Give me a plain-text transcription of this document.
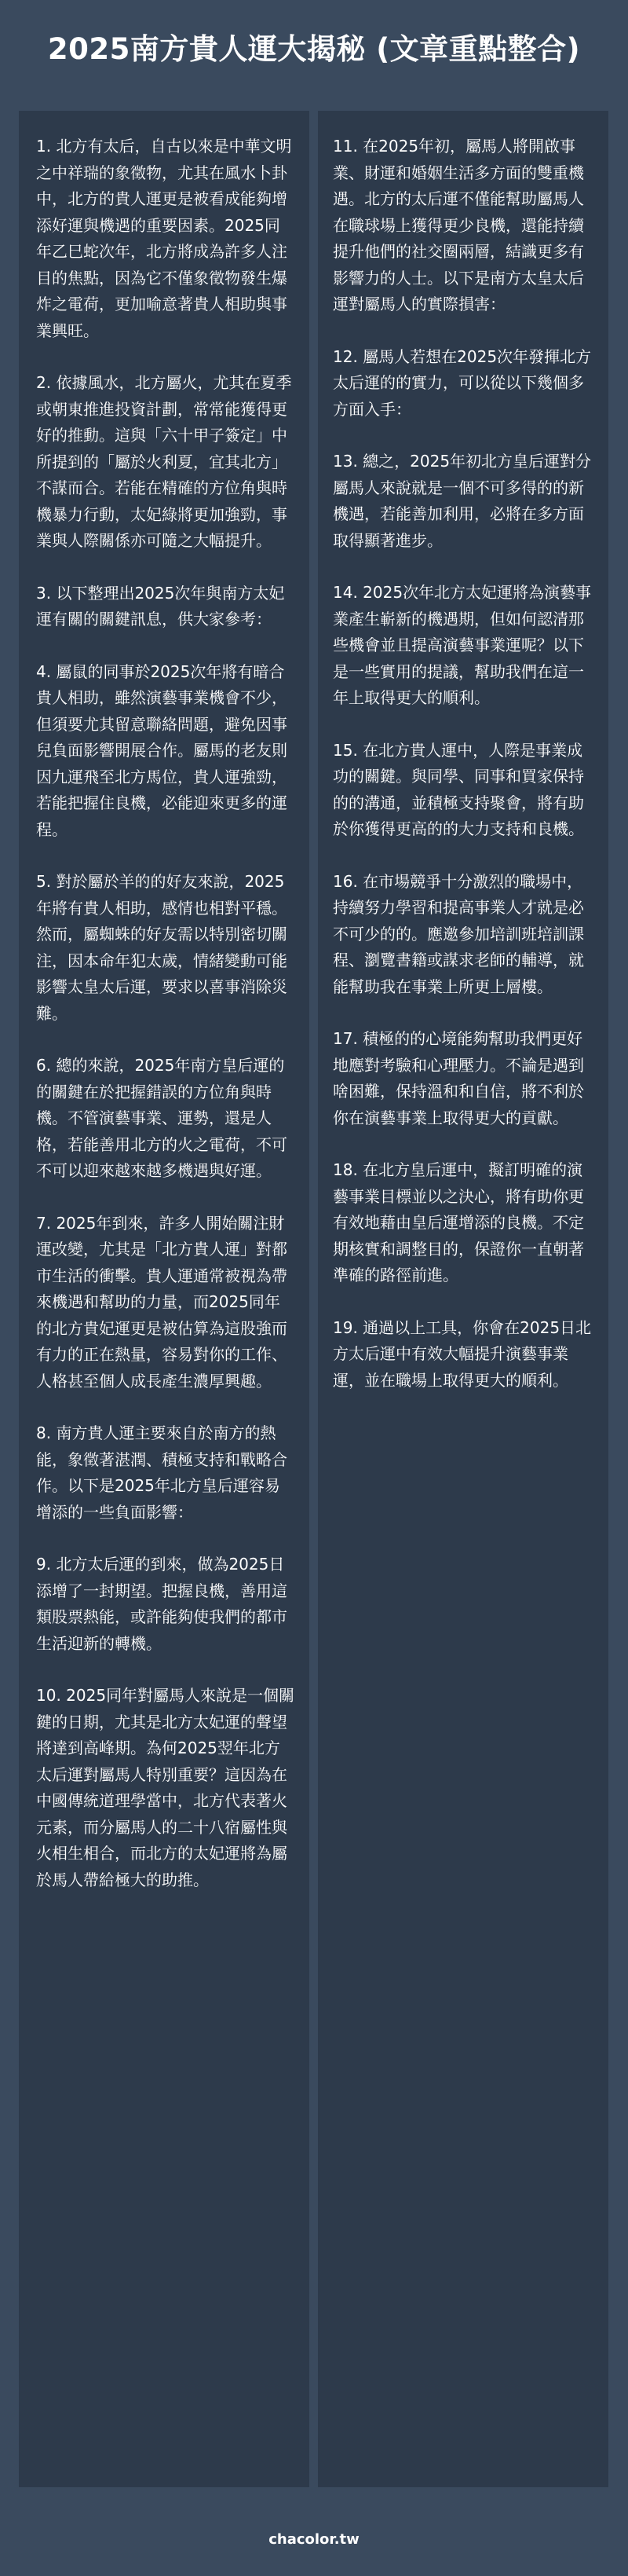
2025南方貴人運大揭秘 (文章重點整合)

1. 北方有太后，自古以來是中華文明之中祥瑞的象徵物，尤其在風水卜卦中，北方的貴人運更是被看成能夠增添好運與機遇的重要因素。2025同年乙巳蛇次年，北方將成為許多人注目的焦點，因為它不僅象徵物發生爆炸之電荷，更加喻意著貴人相助與事業興旺。

2. 依據風水，北方屬火，尤其在夏季或朝東推進投資計劃，常常能獲得更好的推動。這與「六十甲子簽定」中所提到的「屬於火利夏，宜其北方」不謀而合。若能在精確的方位角與時機暴力行動，太妃綠將更加強勁，事業與人際關係亦可隨之大幅提升。

3. 以下整理出2025次年與南方太妃運有關的關鍵訊息，供大家參考：

4. 屬鼠的同事於2025次年將有暗合貴人相助，雖然演藝事業機會不少，但須要尤其留意聯絡問題，避免因事兒負面影響開展合作。屬馬的老友則因九運飛至北方馬位，貴人運強勁，若能把握住良機，必能迎來更多的運程。

5. 對於屬於羊的的好友來說，2025年將有貴人相助，感情也相對平穩。然而，屬蜘蛛的好友需以特別密切關注，因本命年犯太歲，情緒變動可能影響太皇太后運，要求以喜事消除災難。

6. 總的來說，2025年南方皇后運的的關鍵在於把握錯誤的方位角與時機。不管演藝事業、運勢，還是人格，若能善用北方的火之電荷，不可不可以迎來越來越多機遇與好運。

7. 2025年到來，許多人開始關注財運改變，尤其是「北方貴人運」對都市生活的衝擊。貴人運通常被視為帶來機遇和幫助的力量，而2025同年的北方貴妃運更是被估算為這股強而有力的正在熱量，容易對你的工作、人格甚至個人成長產生濃厚興趣。

8. 南方貴人運主要來自於南方的熱能，象徵著湛潤、積極支持和戰略合作。以下是2025年北方皇后運容易增添的一些負面影響：

9. 北方太后運的到來，做為2025日添增了一封期望。把握良機，善用這類股票熱能，或許能夠使我們的都市生活迎新的轉機。

10. 2025同年對屬馬人來說是一個關鍵的日期，尤其是北方太妃運的聲望將達到高峰期。為何2025翌年北方太后運對屬馬人特別重要？這因為在中國傳統道理學當中，北方代表著火元素，而分屬馬人的二十八宿屬性與火相生相合，而北方的太妃運將為屬於馬人帶給極大的助推。

11. 在2025年初，屬馬人將開啟事業、財運和婚姻生活多方面的雙重機遇。北方的太后運不僅能幫助屬馬人在職球場上獲得更少良機，還能持續提升他們的社交圈兩層，結識更多有影響力的人士。以下是南方太皇太后運對屬馬人的實際損害：

12. 屬馬人若想在2025次年發揮北方太后運的的實力，可以從以下幾個多方面入手：

13. 總之，2025年初北方皇后運對分屬馬人來說就是一個不可多得的的新機遇，若能善加利用，必將在多方面取得顯著進步。

14. 2025次年北方太妃運將為演藝事業產生嶄新的機遇期，但如何認清那些機會並且提高演藝事業運呢？以下是一些實用的提議，幫助我們在這一年上取得更大的順利。

15. 在北方貴人運中，人際是事業成功的關鍵。與同學、同事和買家保持的的溝通，並積極支持聚會，將有助於你獲得更高的的大力支持和良機。

16. 在市場競爭十分激烈的職場中，持續努力學習和提高事業人才就是必不可少的的。應邀參加培訓班培訓課程、瀏覽書籍或謀求老師的輔導，就能幫助我在事業上所更上層樓。

17. 積極的的心境能夠幫助我們更好地應對考驗和心理壓力。不論是遇到啥困難，保持溫和和自信，將不利於你在演藝事業上取得更大的貢獻。

18. 在北方皇后運中，擬訂明確的演藝事業目標並以之決心，將有助你更有效地藉由皇后運增添的良機。不定期核實和調整目的，保證你一直朝著準確的路徑前進。

19. 通過以上工具，你會在2025日北方太后運中有效大幅提升演藝事業運，並在職場上取得更大的順利。

chacolor.tw
